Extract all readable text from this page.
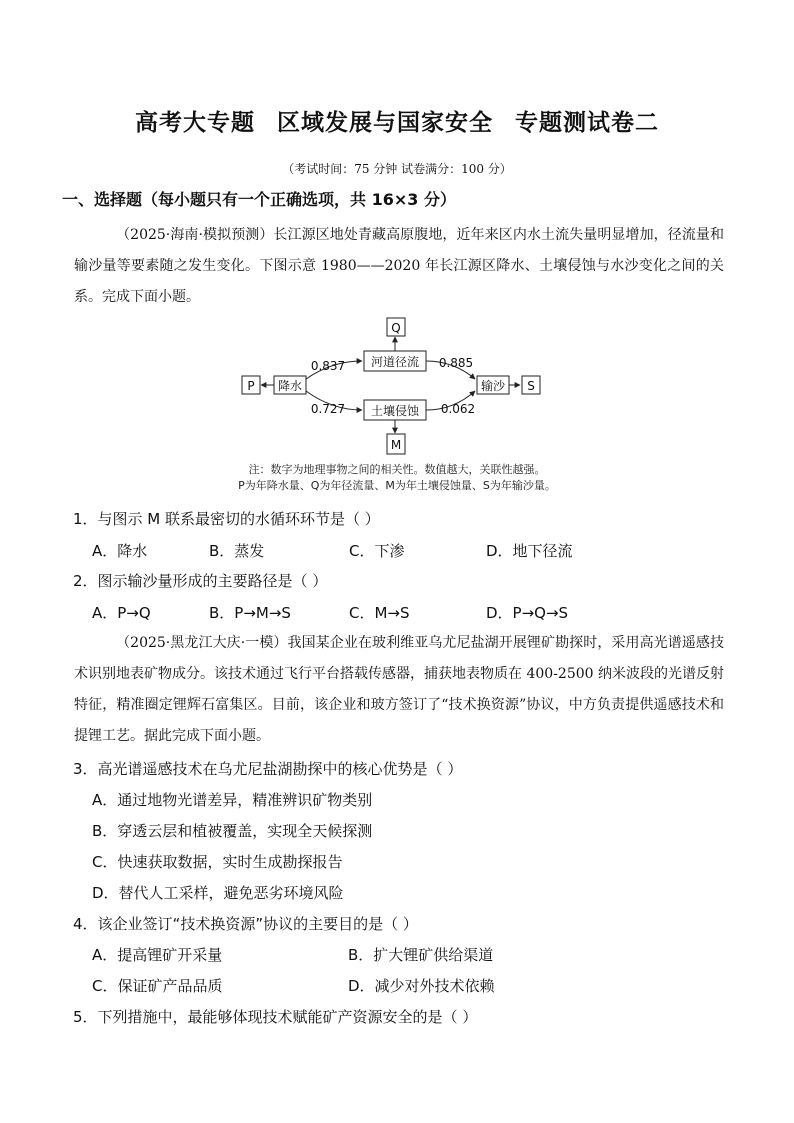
高考大专题 区域发展与国家安全 专题测试卷二
（考试时间：75 分钟 试卷满分：100 分）
一、选择题（每小题只有一个正确选项，共 16×3 分）
（2025·海南·模拟预测）长江源区地处青藏高原腹地，近年来区内水土流失量明显增加，径流量和输沙量等要素随之发生变化。下图示意 1980——2020 年长江源区降水、土壤侵蚀与水沙变化之间的关系。完成下面小题。
P 降水
河道径流
土壤侵蚀
Q
M
输沙 S
0.837
0.727
0.885
0.062
注：数字为地理事物之间的相关性。数值越大，关联性越强。
P为年降水量、Q为年径流量、M为年土壤侵蚀量、S为年输沙量。
1．与图示 M 联系最密切的水循环环节是（ ）
A．降水	B．蒸发	C．下渗	D．地下径流
2．图示输沙量形成的主要路径是（ ）
A．P→Q	B．P→M→S	C．M→S	D．P→Q→S
（2025·黑龙江大庆·一模）我国某企业在玻利维亚乌尤尼盐湖开展锂矿勘探时，采用高光谱遥感技术识别地表矿物成分。该技术通过飞行平台搭载传感器，捕获地表物质在 400-2500 纳米波段的光谱反射特征，精准圈定锂辉石富集区。目前，该企业和玻方签订了“技术换资源”协议，中方负责提供遥感技术和提锂工艺。据此完成下面小题。
3．高光谱遥感技术在乌尤尼盐湖勘探中的核心优势是（ ）
A．通过地物光谱差异，精准辨识矿物类别
B．穿透云层和植被覆盖，实现全天候探测
C．快速获取数据，实时生成勘探报告
D．替代人工采样，避免恶劣环境风险
4．该企业签订“技术换资源”协议的主要目的是（ ）
A．提高锂矿开采量	B．扩大锂矿供给渠道
C．保证矿产品品质	D．减少对外技术依赖
5．下列措施中，最能够体现技术赋能矿产资源安全的是（ ）
